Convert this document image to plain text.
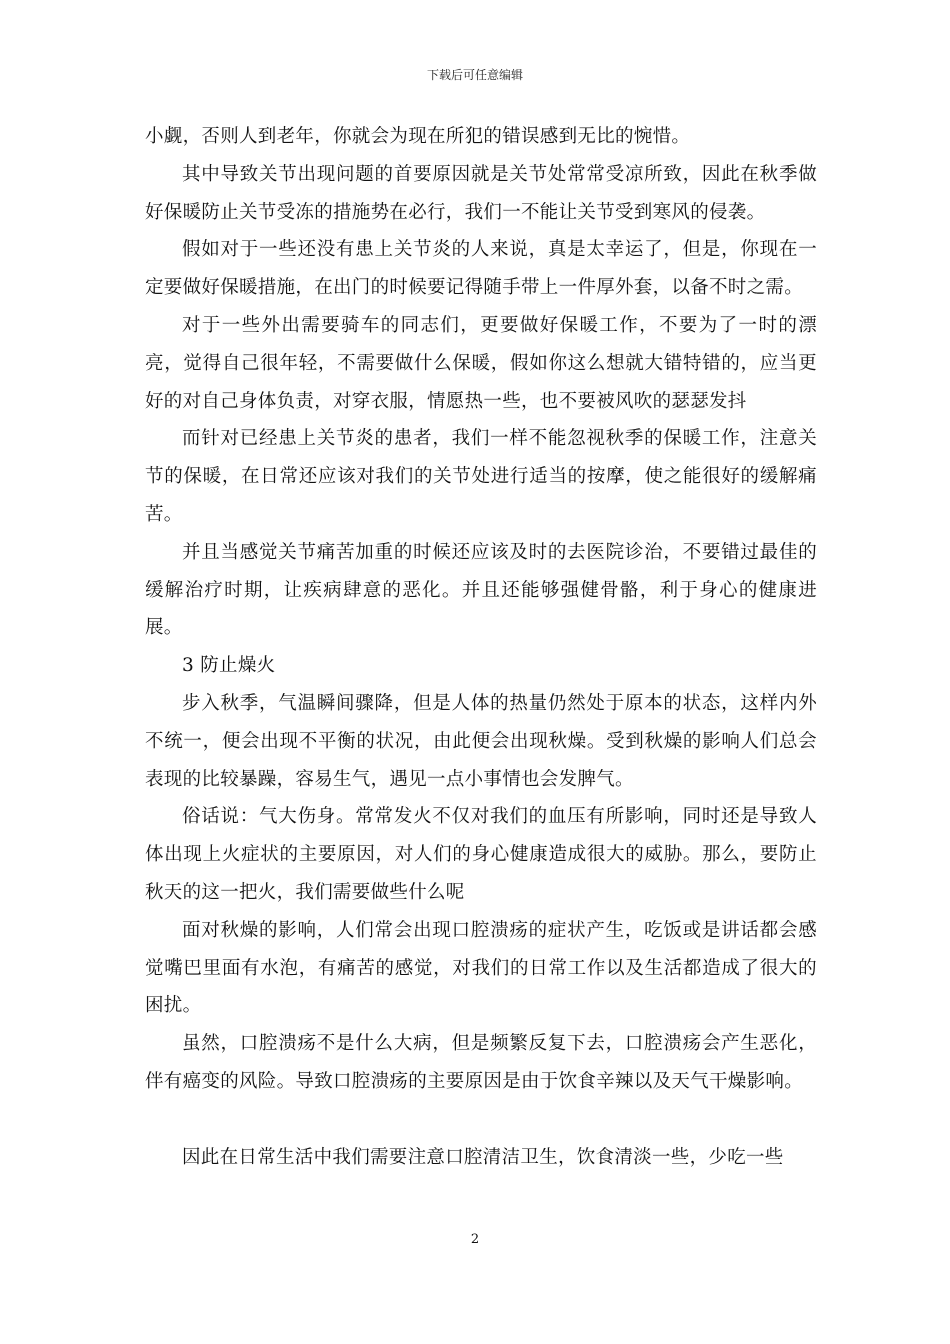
下载后可任意编辑

小觑，否则人到老年，你就会为现在所犯的错误感到无比的惋惜。

其中导致关节出现问题的首要原因就是关节处常常受凉所致，因此在秋季做好保暖防止关节受冻的措施势在必行，我们一不能让关节受到寒风的侵袭。

假如对于一些还没有患上关节炎的人来说，真是太幸运了，但是，你现在一定要做好保暖措施，在出门的时候要记得随手带上一件厚外套，以备不时之需。

对于一些外出需要骑车的同志们，更要做好保暖工作，不要为了一时的漂亮，觉得自己很年轻，不需要做什么保暖，假如你这么想就大错特错的，应当更好的对自己身体负责，对穿衣服，情愿热一些，也不要被风吹的瑟瑟发抖

而针对已经患上关节炎的患者，我们一样不能忽视秋季的保暖工作，注意关节的保暖，在日常还应该对我们的关节处进行适当的按摩，使之能很好的缓解痛苦。

并且当感觉关节痛苦加重的时候还应该及时的去医院诊治，不要错过最佳的缓解治疗时期，让疾病肆意的恶化。并且还能够强健骨骼，利于身心的健康进展。

3 防止燥火

步入秋季，气温瞬间骤降，但是人体的热量仍然处于原本的状态，这样内外不统一，便会出现不平衡的状况，由此便会出现秋燥。受到秋燥的影响人们总会表现的比较暴躁，容易生气，遇见一点小事情也会发脾气。

俗话说：气大伤身。常常发火不仅对我们的血压有所影响，同时还是导致人体出现上火症状的主要原因，对人们的身心健康造成很大的威胁。那么，要防止秋天的这一把火，我们需要做些什么呢

面对秋燥的影响，人们常会出现口腔溃疡的症状产生，吃饭或是讲话都会感觉嘴巴里面有水泡，有痛苦的感觉，对我们的日常工作以及生活都造成了很大的困扰。

虽然，口腔溃疡不是什么大病，但是频繁反复下去，口腔溃疡会产生恶化，伴有癌变的风险。导致口腔溃疡的主要原因是由于饮食辛辣以及天气干燥影响。

因此在日常生活中我们需要注意口腔清洁卫生，饮食清淡一些，少吃一些

2
